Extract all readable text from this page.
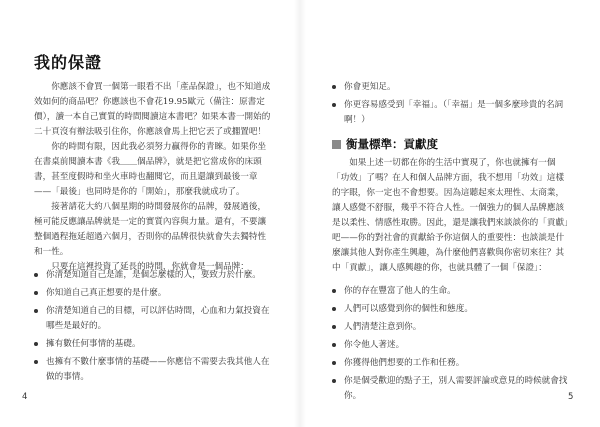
我的保證

你應該不會買一個第一眼看不出「產品保證」，也不知道成效如何的商品吧？你應該也不會花19.95歐元（備注：原書定價），讀一本自己實質的時間閱讀這本書吧？如果本書一開始的二十頁沒有辦法吸引住你，你應該會馬上把它丟了或擱置吧！

你的時間有限，因此我必須努力贏得你的青睞。如果你坐在書桌前閱讀本書《我＿＿個品牌》，就是把它當成你的床頭書，甚至度假時和坐火車時也翻閱它，而且還讓到最後一章——「最後」也同時是你的「開始」，那麼我就成功了。

接著請花大約八個星期的時間發展你的品牌，發展過後，極可能反應讓品牌就是一定的實質內容與力量。還有，不要讓整個過程拖延超過六個月，否則你的品牌很快就會失去獨特性和一性。

只要在這裡投資了延長的時間，你就會是一個品牌：

你清楚知道自己是誰，是個怎麼樣的人，要致力於什麼。
你知道自己真正想要的是什麼。
你清楚知道自己的目標，可以評估時間，心血和力氣投資在哪些是最好的。
擁有數任何事情的基礎。
也擁有不數什麼事情的基礎——你應信不需要去我其他人在做的事情。
4
你會更知足。
你更容易感受到「幸福」。（「幸福」是一個多麼珍貴的名詞啊！）
衡量標準：貢獻度

如果上述一切都在你的生活中實現了，你也就擁有一個「功效」了嗎？在人和個人品牌方面，我不想用「功效」這樣的字眼，你一定也不會想要。因為這聽起來太理性、太商業，讓人感覺不舒服，幾乎不符合人性。一個強力的個人品牌應該是以柔性、情感性取勝。因此，還是讓我們來談談你的「貢獻」吧——你的對社會的貢獻給予你這個人的重要性：也談談是什麼讓其他人對你產生興趣，為什麼他們喜歡與你密切來往？其中「貢獻」，讓人感興趣的你，也就具體了一個「保證」：

你的存在豐富了他人的生命。
人們可以感覺到你的個性和態度。
人們清楚注意到你。
你令他人著迷。
你獲得他們想要的工作和任務。
你是個受歡迎的點子王，別人需要評論或意見的時候就會找你。	5
